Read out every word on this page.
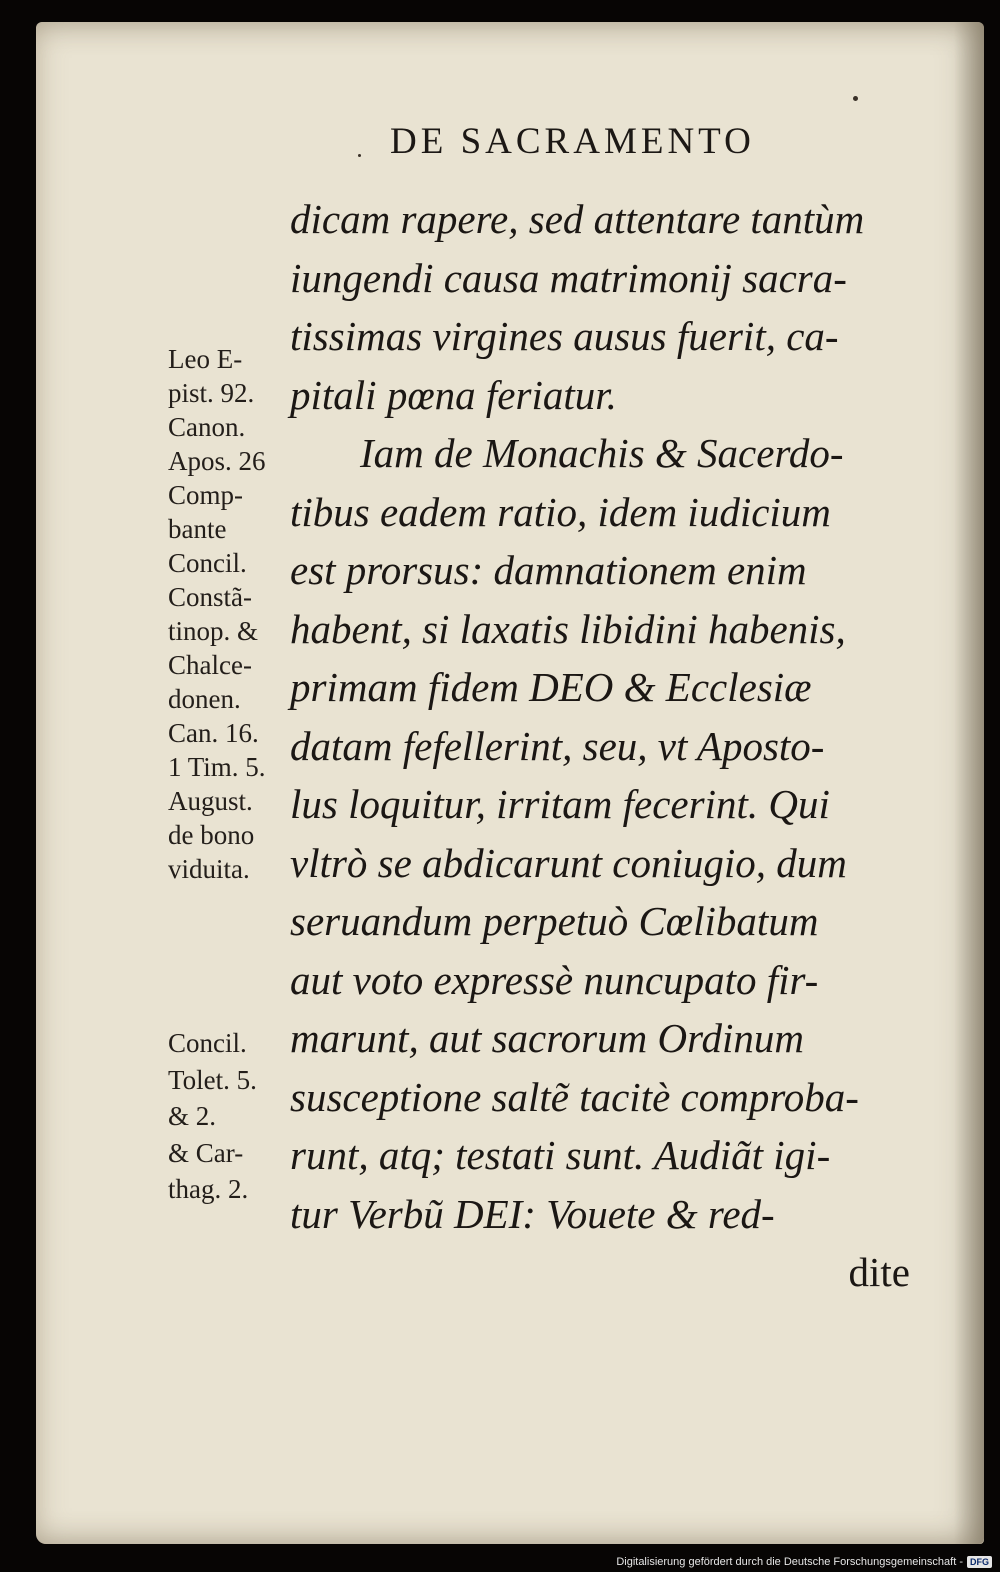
DE SACRAMENTO
dicam rapere, sed attentare tantùm
iungendi causa matrimonij sacra-
tissimas virgines ausus fuerit, ca-
pitali pœna feriatur.
Iam de Monachis & Sacerdo-
tibus eadem ratio, idem iudicium
est prorsus: damnationem enim
habent, si laxatis libidini habenis,
primam fidem DEO & Ecclesiæ
datam fefellerint, seu, vt Aposto-
lus loquitur, irritam fecerint. Qui
vltrò se abdicarunt coniugio, dum
seruandum perpetuò Cœlibatum
aut voto expressè nuncupato fir-
marunt, aut sacrorum Ordinum
susceptione saltẽ tacitè comproba-
runt, atq; testati sunt. Audiãt igi-
tur Verbũ DEI: Vouete & red-
dite
Leo E-
pist. 92.
Canon.
Apos. 26
Comp-
bante
Concil.
Constã-
tinop. &
Chalce-
donen.
Can. 16.
1 Tim. 5.
August.
de bono
viduita.
Concil.
Tolet. 5.
& 2.
& Car-
thag. 2.
Digitalisierung gefördert durch die Deutsche Forschungsgemeinschaft - DFG
